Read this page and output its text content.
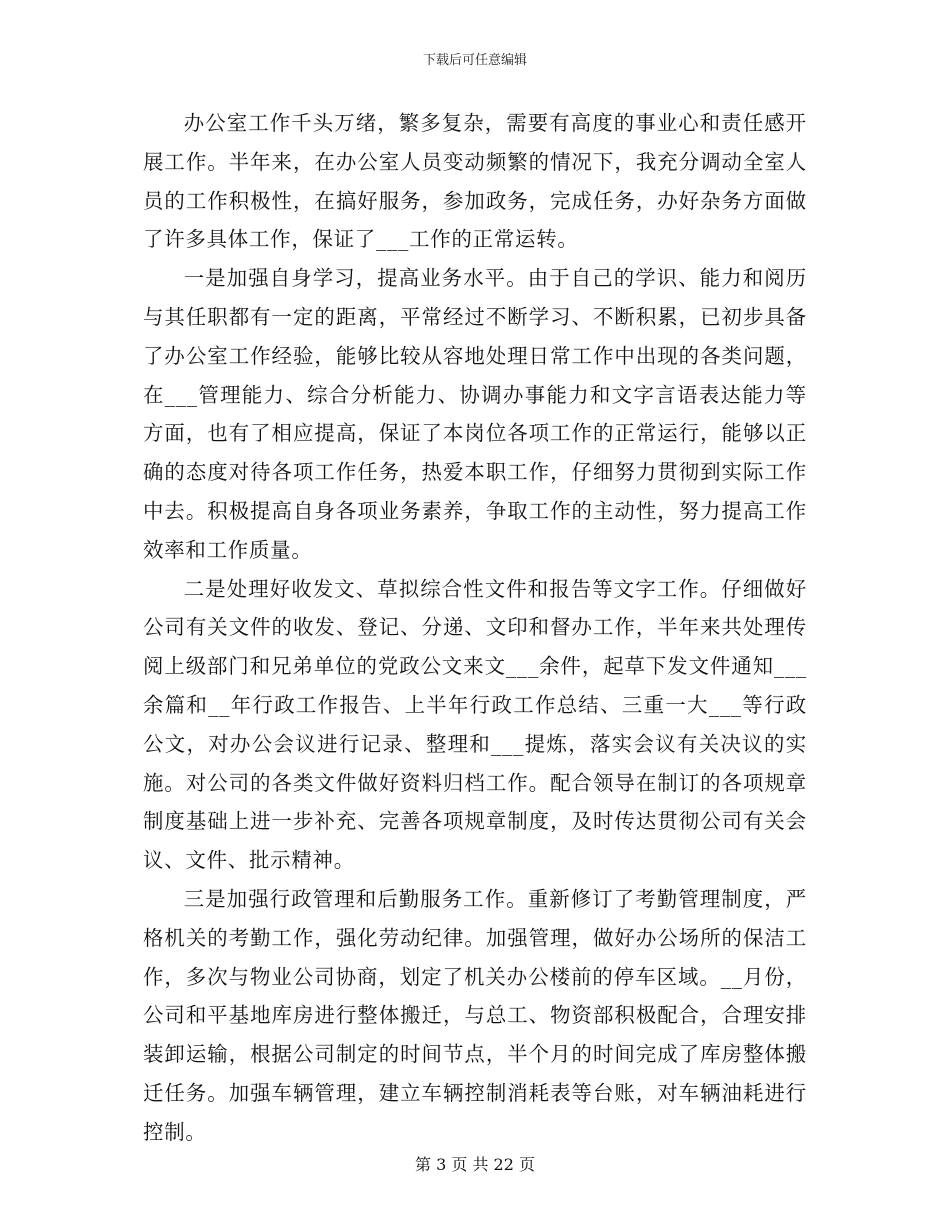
下载后可任意编辑

办公室工作千头万绪，繁多复杂，需要有高度的事业心和责任感开展工作。半年来，在办公室人员变动频繁的情况下，我充分调动全室人员的工作积极性，在搞好服务，参加政务，完成任务，办好杂务方面做了许多具体工作，保证了___工作的正常运转。

一是加强自身学习，提高业务水平。由于自己的学识、能力和阅历与其任职都有一定的距离，平常经过不断学习、不断积累，已初步具备了办公室工作经验，能够比较从容地处理日常工作中出现的各类问题，在___管理能力、综合分析能力、协调办事能力和文字言语表达能力等方面，也有了相应提高，保证了本岗位各项工作的正常运行，能够以正确的态度对待各项工作任务，热爱本职工作，仔细努力贯彻到实际工作中去。积极提高自身各项业务素养，争取工作的主动性，努力提高工作效率和工作质量。

二是处理好收发文、草拟综合性文件和报告等文字工作。仔细做好公司有关文件的收发、登记、分递、文印和督办工作，半年来共处理传阅上级部门和兄弟单位的党政公文来文___余件，起草下发文件通知___余篇和__年行政工作报告、上半年行政工作总结、三重一大___等行政公文，对办公会议进行记录、整理和___提炼，落实会议有关决议的实施。对公司的各类文件做好资料归档工作。配合领导在制订的各项规章制度基础上进一步补充、完善各项规章制度，及时传达贯彻公司有关会议、文件、批示精神。

三是加强行政管理和后勤服务工作。重新修订了考勤管理制度，严格机关的考勤工作，强化劳动纪律。加强管理，做好办公场所的保洁工作，多次与物业公司协商，划定了机关办公楼前的停车区域。__月份，公司和平基地库房进行整体搬迁，与总工、物资部积极配合，合理安排装卸运输，根据公司制定的时间节点，半个月的时间完成了库房整体搬迁任务。加强车辆管理，建立车辆控制消耗表等台账，对车辆油耗进行控制。

第 3 页 共 22 页
